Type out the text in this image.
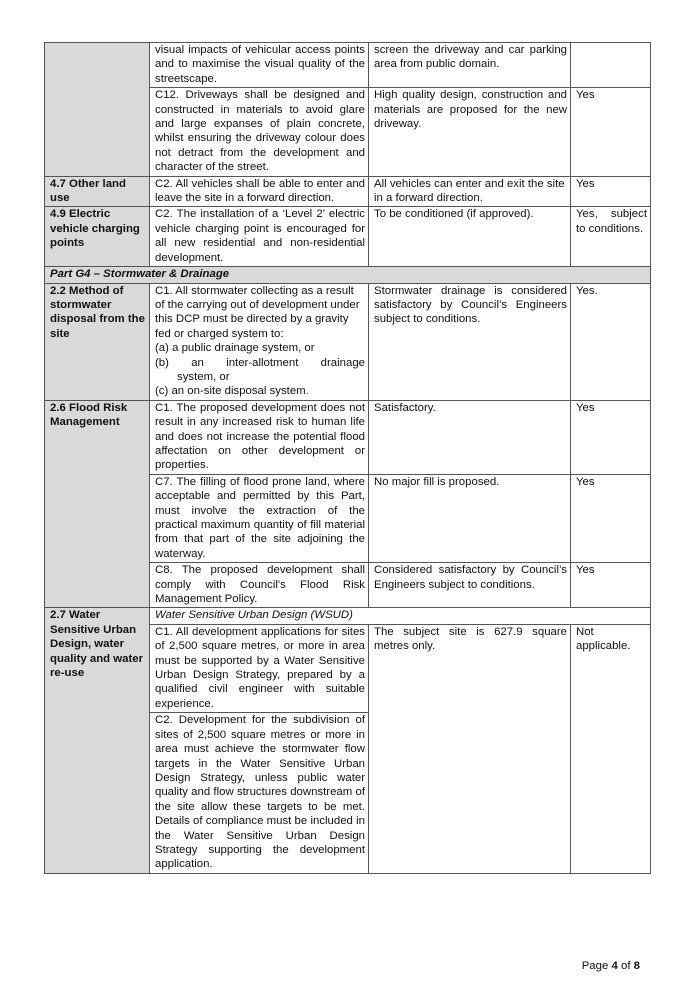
	visual impacts of vehicular access points and to maximise the visual quality of the streetscape.	screen the driveway and car parking area from public domain.	
	C12. Driveways shall be designed and constructed in materials to avoid glare and large expanses of plain concrete, whilst ensuring the driveway colour does not detract from the development and character of the street.	High quality design, construction and materials are proposed for the new driveway.	Yes
4.7 Other land use	C2. All vehicles shall be able to enter and leave the site in a forward direction.	All vehicles can enter and exit the site in a forward direction.	Yes
4.9 Electric vehicle charging points	C2. The installation of a ‘Level 2’ electric vehicle charging point is encouraged for all new residential and non-residential development.	To be conditioned (if approved).	Yes, subject to conditions.
Part G4 – Stormwater & Drainage			
2.2 Method of stormwater disposal from the site	C1. All stormwater collecting as a result of the carrying out of development under this DCP must be directed by a gravity fed or charged system to:
(a) a public drainage system, or
(b) an inter-allotment drainage
system, or
(c) an on-site disposal system.	Stormwater drainage is considered satisfactory by Council’s Engineers subject to conditions.	Yes.
2.6 Flood Risk Management	C1. The proposed development does not result in any increased risk to human life and does not increase the potential flood affectation on other development or properties.	Satisfactory.	Yes
	C7. The filling of flood prone land, where acceptable and permitted by this Part, must involve the extraction of the practical maximum quantity of fill material from that part of the site adjoining the waterway.	No major fill is proposed.	Yes
	C8. The proposed development shall comply with Council's Flood Risk Management Policy.	Considered satisfactory by Council’s Engineers subject to conditions.	Yes
2.7 Water Sensitive Urban Design, water quality and water re-use	Water Sensitive Urban Design (WSUD)		
	C1. All development applications for sites of 2,500 square metres, or more in area must be supported by a Water Sensitive Urban Design Strategy, prepared by a qualified civil engineer with suitable experience.	The subject site is 627.9 square metres only.	Not applicable.
	C2. Development for the subdivision of sites of 2,500 square metres or more in area must achieve the stormwater flow targets in the Water Sensitive Urban Design Strategy, unless public water quality and flow structures downstream of the site allow these targets to be met. Details of compliance must be included in the Water Sensitive Urban Design Strategy supporting the development application.		
Page 4 of 8
